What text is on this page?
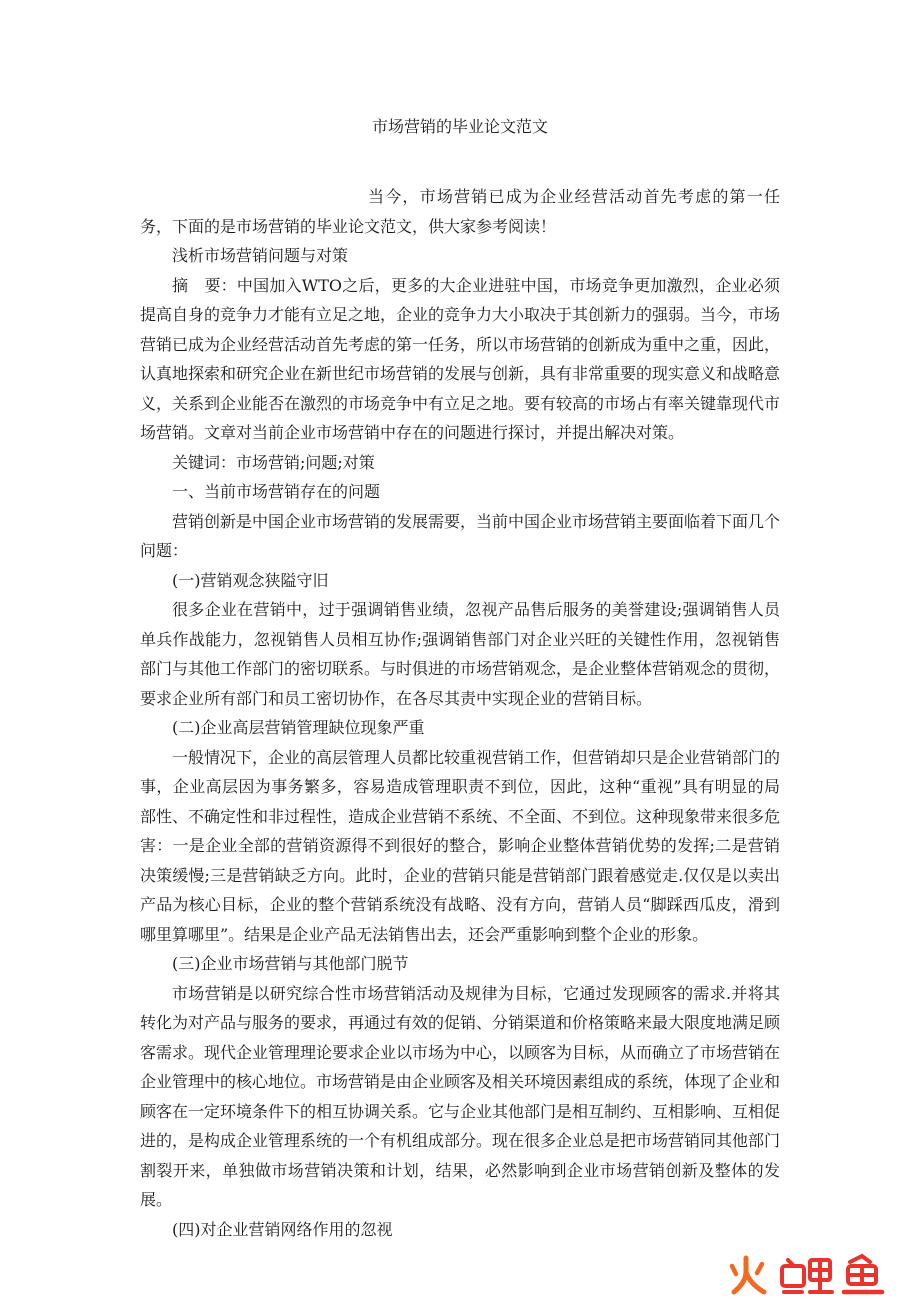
市场营销的毕业论文范文

当今，市场营销已成为企业经营活动首先考虑的第一任务，下面的是市场营销的毕业论文范文，供大家参考阅读！

浅析市场营销问题与对策

摘　要：中国加入WTO之后，更多的大企业进驻中国，市场竞争更加激烈，企业必须提高自身的竞争力才能有立足之地，企业的竞争力大小取决于其创新力的强弱。当今，市场营销已成为企业经营活动首先考虑的第一任务，所以市场营销的创新成为重中之重，因此，认真地探索和研究企业在新世纪市场营销的发展与创新，具有非常重要的现实意义和战略意义，关系到企业能否在激烈的市场竞争中有立足之地。要有较高的市场占有率关键靠现代市场营销。文章对当前企业市场营销中存在的问题进行探讨，并提出解决对策。

关键词：市场营销;问题;对策

一、当前市场营销存在的问题

营销创新是中国企业市场营销的发展需要，当前中国企业市场营销主要面临着下面几个问题：

(一)营销观念狭隘守旧

很多企业在营销中，过于强调销售业绩，忽视产品售后服务的美誉建设;强调销售人员单兵作战能力，忽视销售人员相互协作;强调销售部门对企业兴旺的关键性作用，忽视销售部门与其他工作部门的密切联系。与时俱进的市场营销观念，是企业整体营销观念的贯彻，要求企业所有部门和员工密切协作，在各尽其责中实现企业的营销目标。

(二)企业高层营销管理缺位现象严重

一般情况下，企业的高层管理人员都比较重视营销工作，但营销却只是企业营销部门的事，企业高层因为事务繁多，容易造成管理职责不到位，因此，这种“重视”具有明显的局部性、不确定性和非过程性，造成企业营销不系统、不全面、不到位。这种现象带来很多危害：一是企业全部的营销资源得不到很好的整合，影响企业整体营销优势的发挥;二是营销决策缓慢;三是营销缺乏方向。此时，企业的营销只能是营销部门跟着感觉走.仅仅是以卖出产品为核心目标，企业的整个营销系统没有战略、没有方向，营销人员“脚踩西瓜皮，滑到哪里算哪里”。结果是企业产品无法销售出去，还会严重影响到整个企业的形象。

(三)企业市场营销与其他部门脱节

市场营销是以研究综合性市场营销活动及规律为目标，它通过发现顾客的需求.并将其转化为对产品与服务的要求，再通过有效的促销、分销渠道和价格策略来最大限度地满足顾客需求。现代企业管理理论要求企业以市场为中心，以顾客为目标，从而确立了市场营销在企业管理中的核心地位。市场营销是由企业顾客及相关环境因素组成的系统，体现了企业和顾客在一定环境条件下的相互协调关系。它与企业其他部门是相互制约、互相影响、互相促进的，是构成企业管理系统的一个有机组成部分。现在很多企业总是把市场营销同其他部门割裂开来，单独做市场营销决策和计划，结果，必然影响到企业市场营销创新及整体的发展。

(四)对企业营销网络作用的忽视
